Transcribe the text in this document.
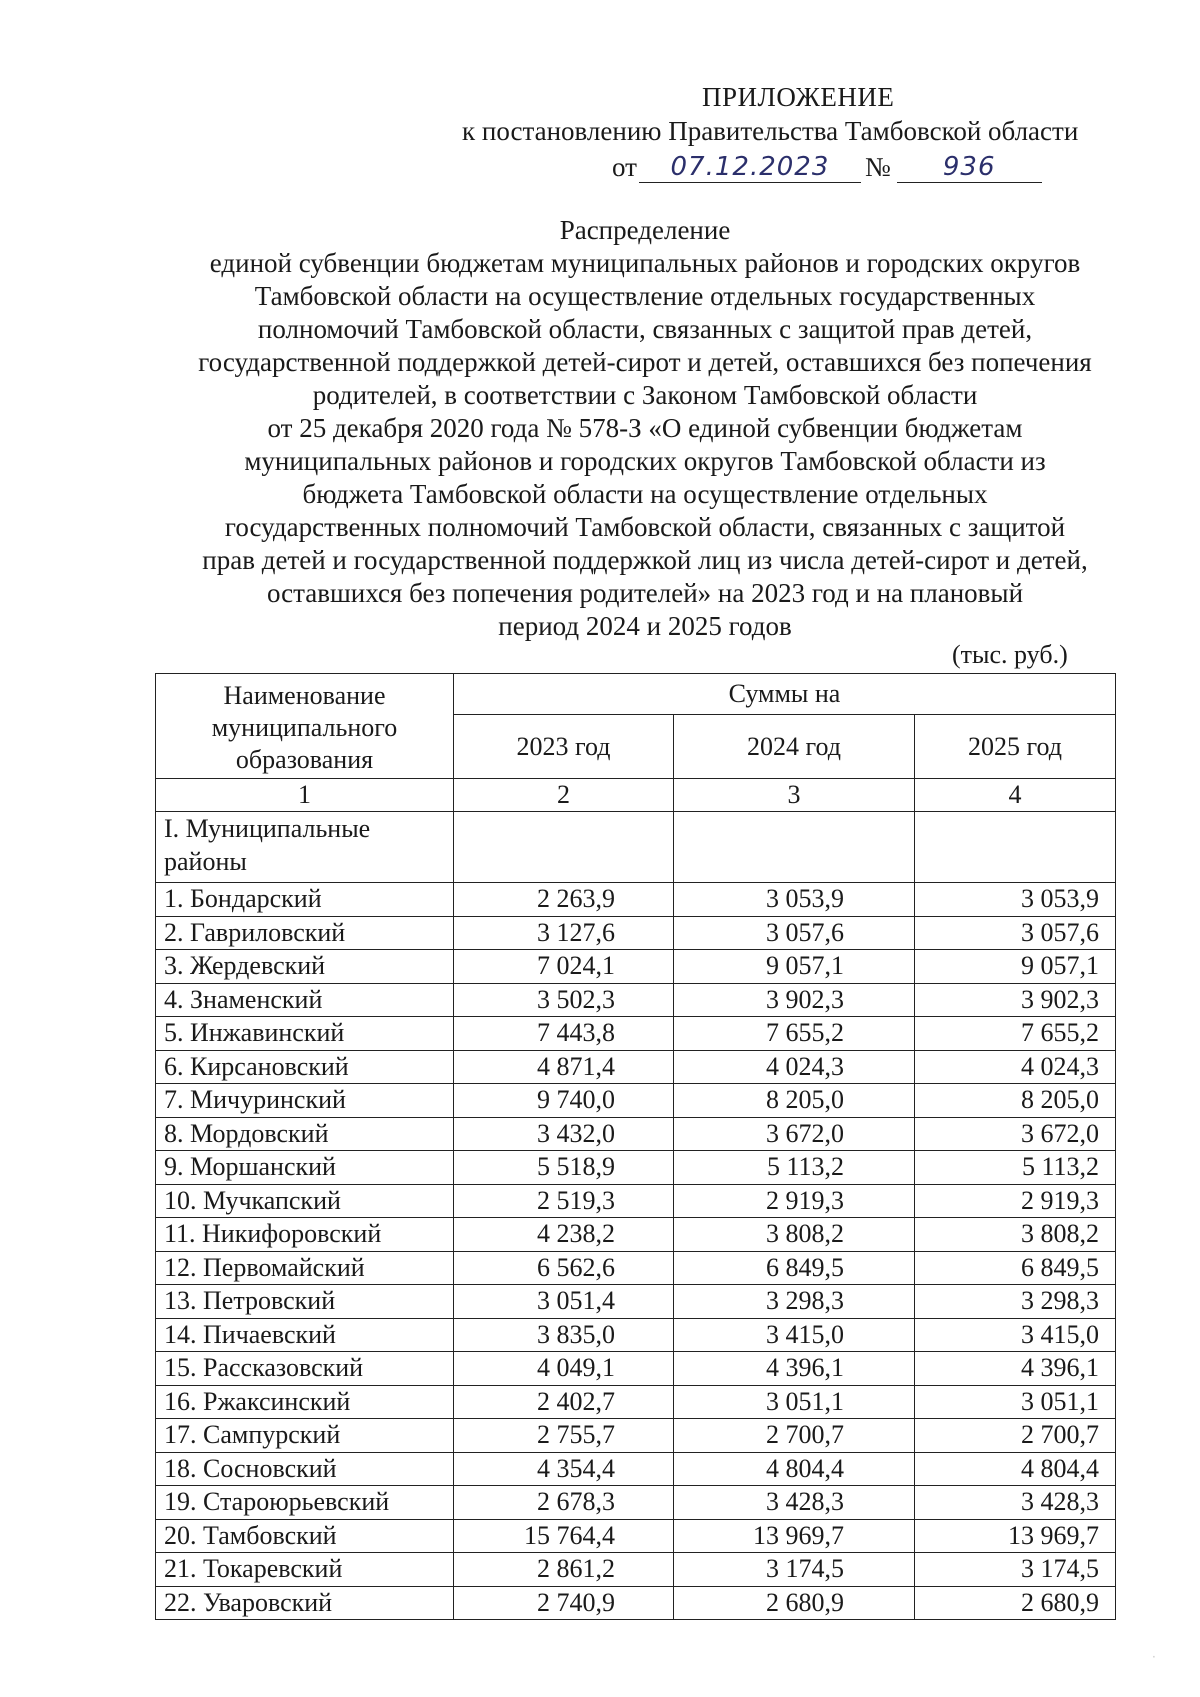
ПРИЛОЖЕНИЕ
к постановлению Правительства Тамбовской области
от	07.12.2023	№	936
Распределение
единой субвенции бюджетам муниципальных районов и городских округов
Тамбовской области на осуществление отдельных государственных
полномочий Тамбовской области, связанных с защитой прав детей,
государственной поддержкой детей-сирот и детей, оставшихся без попечения
родителей, в соответствии с Законом Тамбовской области
от 25 декабря 2020 года № 578-З «О единой субвенции бюджетам
муниципальных районов и городских округов Тамбовской области из
бюджета Тамбовской области на осуществление отдельных
государственных полномочий Тамбовской области, связанных с защитой
прав детей и государственной поддержкой лиц из числа детей-сирот и детей,
оставшихся без попечения родителей» на 2023 год и на плановый
период 2024 и 2025 годов
(тыс. руб.)
Наименование муниципального образования	Суммы на		
	2023 год	2024 год	2025 год
1	2	3	4
I. Муниципальные районы			
1. Бондарский	2 263,9	3 053,9	3 053,9
2. Гавриловский	3 127,6	3 057,6	3 057,6
3. Жердевский	7 024,1	9 057,1	9 057,1
4. Знаменский	3 502,3	3 902,3	3 902,3
5. Инжавинский	7 443,8	7 655,2	7 655,2
6. Кирсановский	4 871,4	4 024,3	4 024,3
7. Мичуринский	9 740,0	8 205,0	8 205,0
8. Мордовский	3 432,0	3 672,0	3 672,0
9. Моршанский	5 518,9	5 113,2	5 113,2
10. Мучкапский	2 519,3	2 919,3	2 919,3
11. Никифоровский	4 238,2	3 808,2	3 808,2
12. Первомайский	6 562,6	6 849,5	6 849,5
13. Петровский	3 051,4	3 298,3	3 298,3
14. Пичаевский	3 835,0	3 415,0	3 415,0
15. Рассказовский	4 049,1	4 396,1	4 396,1
16. Ржаксинский	2 402,7	3 051,1	3 051,1
17. Сампурский	2 755,7	2 700,7	2 700,7
18. Сосновский	4 354,4	4 804,4	4 804,4
19. Староюрьевский	2 678,3	3 428,3	3 428,3
20. Тамбовский	15 764,4	13 969,7	13 969,7
21. Токаревский	2 861,2	3 174,5	3 174,5
22. Уваровский	2 740,9	2 680,9	2 680,9
·
